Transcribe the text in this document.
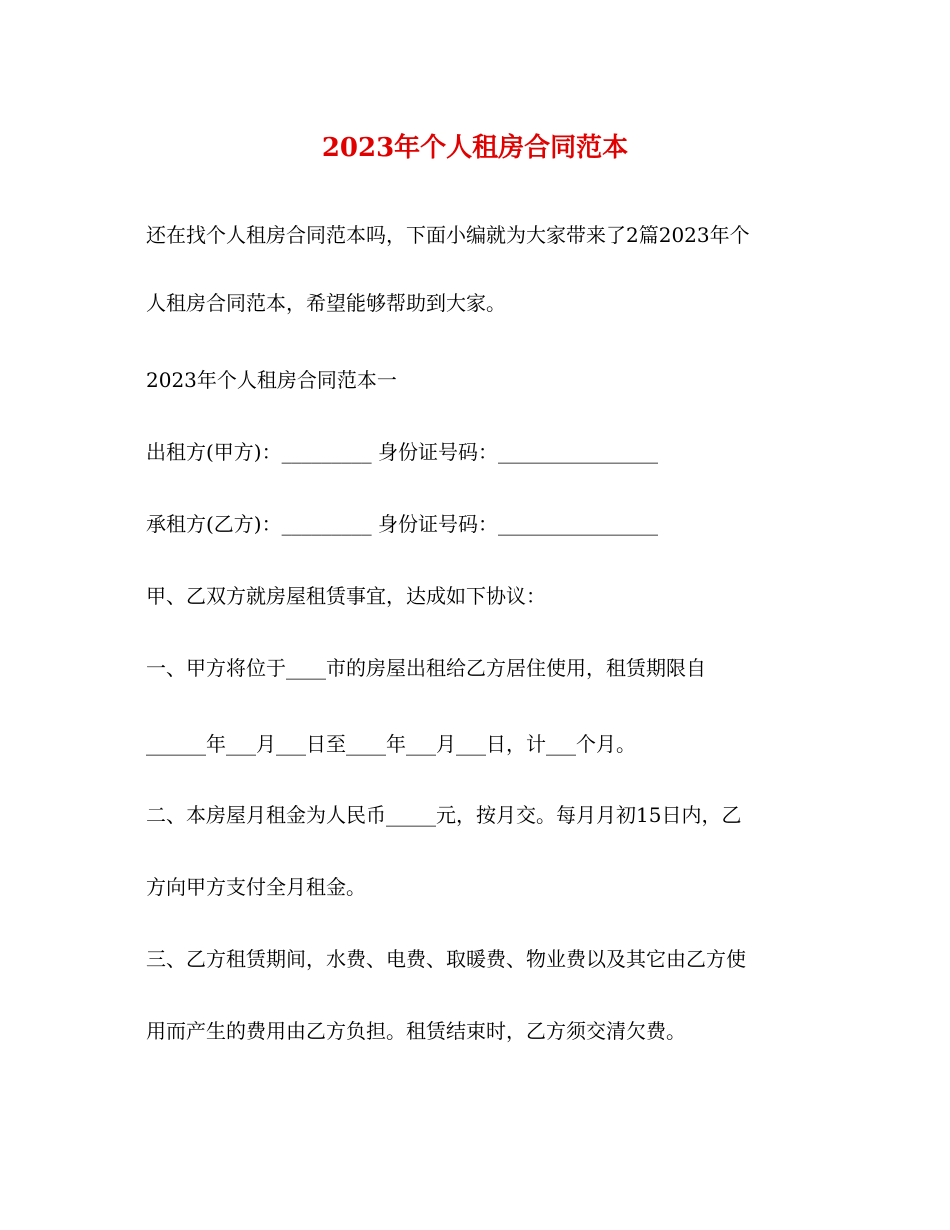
2023年个人租房合同范本
还在找个人租房合同范本吗，下面小编就为大家带来了2篇2023年个
人租房合同范本，希望能够帮助到大家。
2023年个人租房合同范本一
出租方(甲方)：_________ 身份证号码：________________
承租方(乙方)：_________ 身份证号码：________________
甲、乙双方就房屋租赁事宜，达成如下协议：
一、甲方将位于____市的房屋出租给乙方居住使用，租赁期限自
______年___月___日至____年___月___日，计___个月。
二、本房屋月租金为人民币_____元，按月交。每月月初15日内，乙
方向甲方支付全月租金。
三、乙方租赁期间，水费、电费、取暖费、物业费以及其它由乙方使
用而产生的费用由乙方负担。租赁结束时，乙方须交清欠费。
